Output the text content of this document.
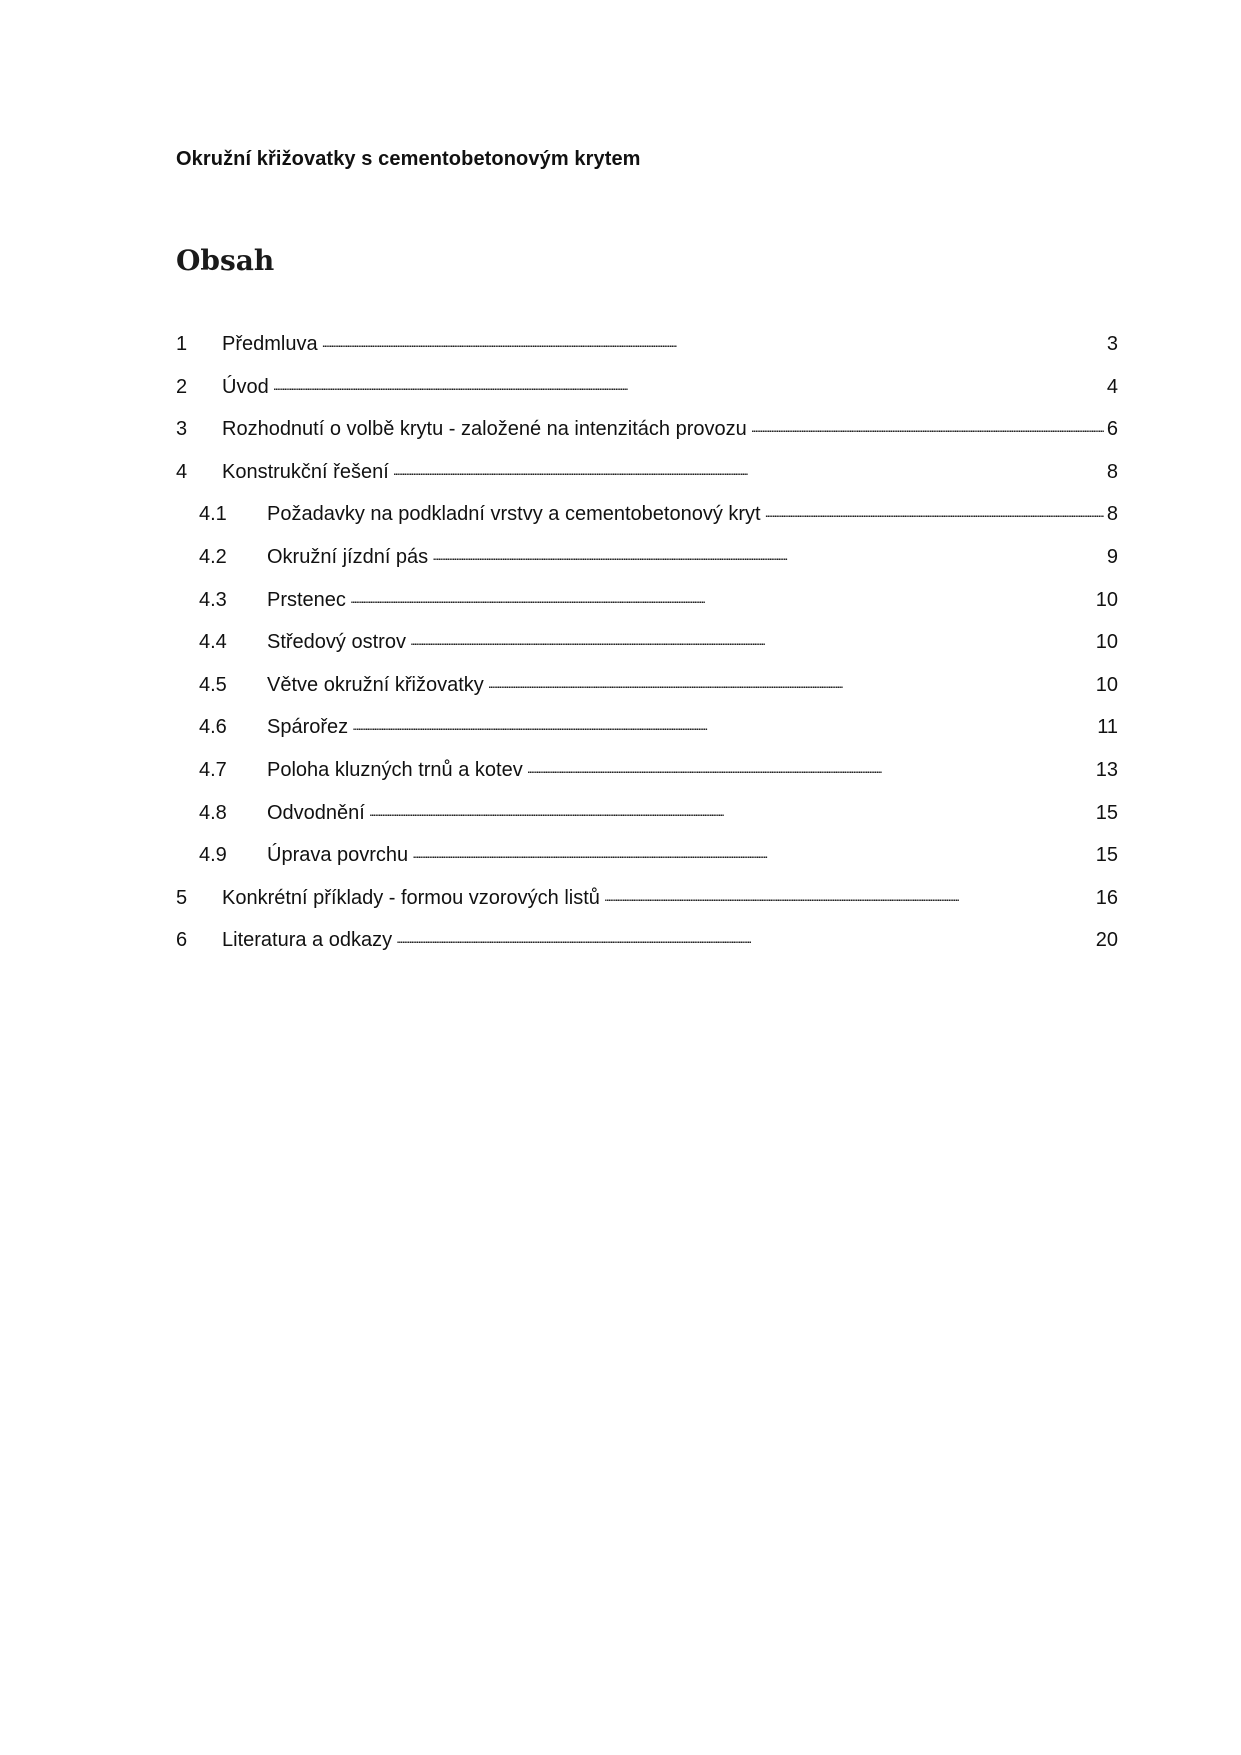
Okružní křižovatky s cementobetonovým krytem
Obsah
1	Předmluva . . .	3
2	Úvod . . .	4
3	Rozhodnutí o volbě krytu - založené na intenzitách provozu . . .	6
4	Konstrukční řešení . . .	8
4.1	Požadavky na podkladní vrstvy a cementobetonový kryt . . .	8
4.2	Okružní jízdní pás . . .	9
4.3	Prstenec . . .	10
4.4	Středový ostrov . . .	10
4.5	Větve okružní křižovatky . . .	10
4.6	Spárořez . . .	11
4.7	Poloha kluzných trnů a kotev . . .	13
4.8	Odvodnění . . .	15
4.9	Úprava povrchu . . .	15
5	Konkrétní příklady - formou vzorových listů . . .	16
6	Literatura a odkazy . . .	20
